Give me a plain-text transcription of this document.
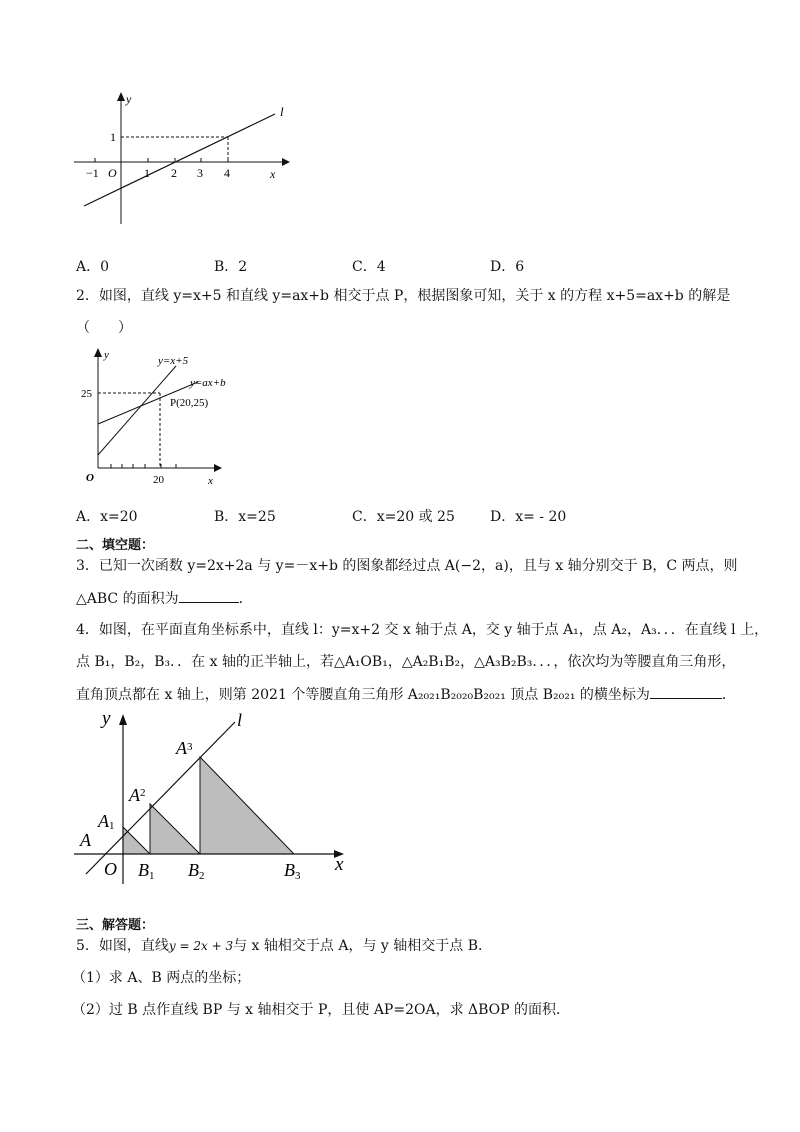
y
x
l
O
1
−1	1 2 3 4
A．0	B．2	C．4	D．6
2．如图，直线 y=x+5 和直线 y=ax+b 相交于点 P，根据图象可知，关于 x 的方程 x+5=ax+b 的解是
（　　）
y
x
O
25
20
y=x+5
y=ax+b
P(20,25)
A．x=20	B．x=25	C．x=20 或 25	D．x= - 20
二、填空题：
3．已知一次函数 y=2x+2a 与 y=－x+b 的图象都经过点 A(−2，a)，且与 x 轴分别交于 B，C 两点，则
△ABC 的面积为	．
4．如图，在平面直角坐标系中，直线 l：y=x+2 交 x 轴于点 A，交 y 轴于点 A₁，点 A₂，A₃．．．在直线 l 上，
点 B₁，B₂，B₃．．在 x 轴的正半轴上，若△A₁OB₁，△A₂B₁B₂，△A₃B₂B₃．．．，依次均为等腰直角三角形，
直角顶点都在 x 轴上，则第 2021 个等腰直角三角形 A₂₀₂₁B₂₀₂₀B₂₀₂₁ 顶点 B₂₀₂₁ 的横坐标为	．
y
x
l
O
A
A1
$A^2$
$A^3$
B1 B2	B3
三、解答题：
5．如图，直线y = 2x + 3与 x 轴相交于点 A，与 y 轴相交于点 B．
（1）求 A、B 两点的坐标；
（2）过 B 点作直线 BP 与 x 轴相交于 P，且使 AP=2OA，求 ΔBOP 的面积．
